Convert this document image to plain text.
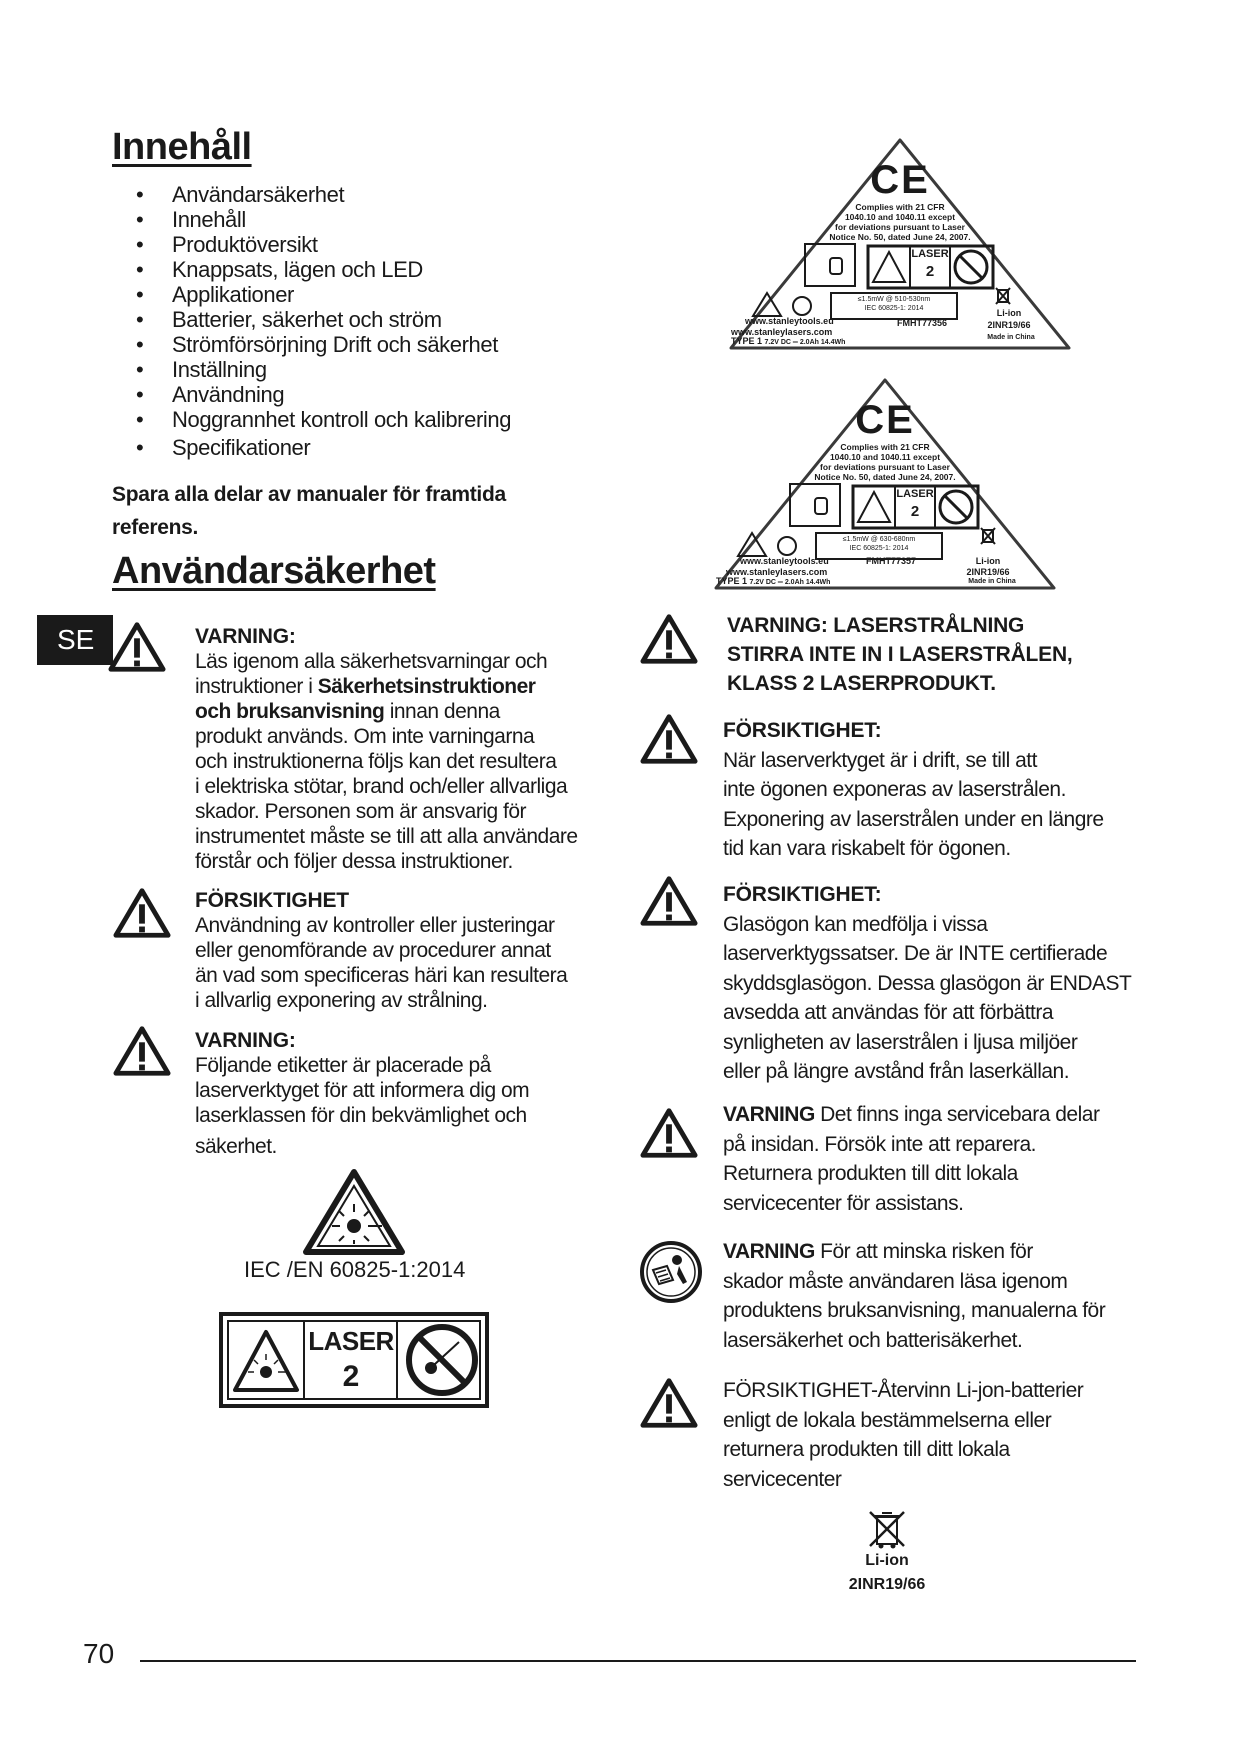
Innehåll
• Användarsäkerhet
• Innehåll
• Produktöversikt
• Knappsats, lägen och LED
• Applikationer
• Batterier, säkerhet och ström
• Strömförsörjning Drift och säkerhet
• Inställning
• Användning
• Noggrannhet kontroll och kalibrering
• Specifikationer
Spara alla delar av manualer för framtida referens.
Användarsäkerhet
SE	VARNING:
Läs igenom alla säkerhetsvarningar och
instruktioner i Säkerhetsinstruktioner
och bruksanvisning innan denna
produkt används. Om inte varningarna
och instruktionerna följs kan det resultera
i elektriska stötar, brand och/eller allvarliga
skador. Personen som är ansvarig för
instrumentet måste se till att alla användare
förstår och följer dessa instruktioner.
FÖRSIKTIGHET
Användning av kontroller eller justeringar
eller genomförande av procedurer annat
än vad som specificeras häri kan resultera
i allvarlig exponering av strålning.
VARNING:
Följande etiketter är placerade på
laserverktyget för att informera dig om
laserklassen för din bekvämlighet och
säkerhet.
IEC /EN 60825-1:2014
LASER
2
CE
Complies with 21 CFR
1040.10 and 1040.11 except
for deviations pursuant to Laser
Notice No. 50, dated June 24, 2007.
LASER
2
≤1.5mW @ 510-530nm
IEC 60825-1: 2014
www.stanleytools.eu
www.stanleylasers.com
TYPE 1 7.2V DC ═ 2.0Ah 14.4Wh
FMHT77356
Li-ion
2INR19/66
Made in China
CE
Complies with 21 CFR
1040.10 and 1040.11 except
for deviations pursuant to Laser
Notice No. 50, dated June 24, 2007.
LASER
2
≤1.5mW @ 630-680nm
IEC 60825-1: 2014
www.stanleytools.eu
www.stanleylasers.com
TYPE 1 7.2V DC ═ 2.0Ah 14.4Wh
FMHT77357	Li-ion
2INR19/66
Made in China
VARNING: LASERSTRÅLNING
STIRRA INTE IN I LASERSTRÅLEN,
KLASS 2 LASERPRODUKT.
FÖRSIKTIGHET:
När laserverktyget är i drift, se till att
inte ögonen exponeras av laserstrålen.
Exponering av laserstrålen under en längre
tid kan vara riskabelt för ögonen.
FÖRSIKTIGHET:
Glasögon kan medfölja i vissa
laserverktygssatser. De är INTE certifierade
skyddsglasögon. Dessa glasögon är ENDAST
avsedda att användas för att förbättra
synligheten av laserstrålen i ljusa miljöer
eller på längre avstånd från laserkällan.
VARNING Det finns inga servicebara delar
på insidan. Försök inte att reparera.
Returnera produkten till ditt lokala
servicecenter för assistans.
VARNING För att minska risken för
skador måste användaren läsa igenom
produktens bruksanvisning, manualerna för
lasersäkerhet och batterisäkerhet.
FÖRSIKTIGHET-Återvinn Li-jon-batterier
enligt de lokala bestämmelserna eller
returnera produkten till ditt lokala
servicecenter
Li-ion
2INR19/66
70
